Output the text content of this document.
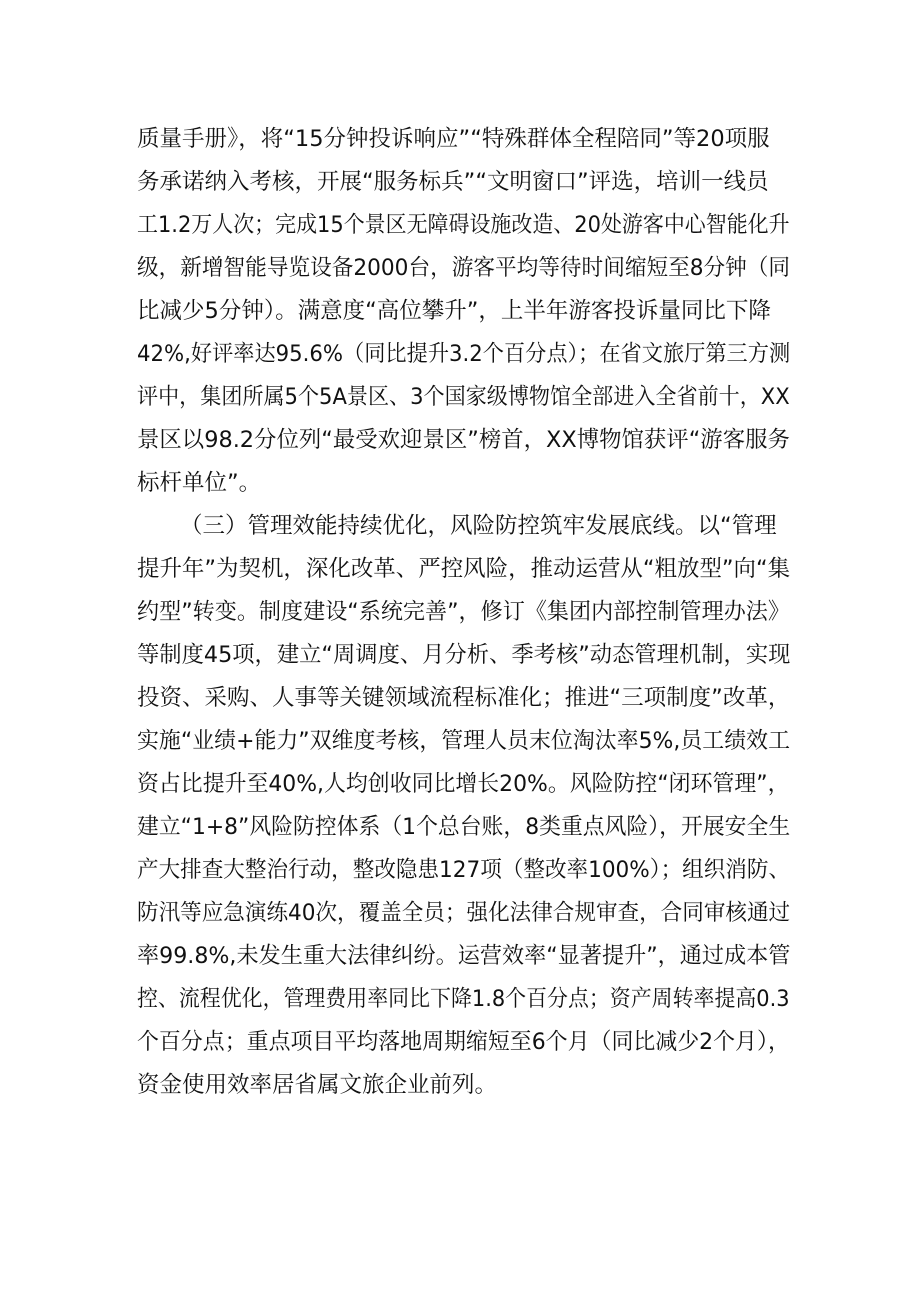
质量手册》，将“15分钟投诉响应”“特殊群体全程陪同”等20项服
务承诺纳入考核，开展“服务标兵”“文明窗口”评选，培训一线员
工1.2万人次；完成15个景区无障碍设施改造、20处游客中心智能化升
级，新增智能导览设备2000台，游客平均等待时间缩短至8分钟（同
比减少5分钟）。满意度“高位攀升”，上半年游客投诉量同比下降
42%,好评率达95.6%（同比提升3.2个百分点）；在省文旅厅第三方测
评中，集团所属5个5A景区、3个国家级博物馆全部进入全省前十，XX
景区以98.2分位列“最受欢迎景区”榜首，XX博物馆获评“游客服务
标杆单位”。
（三）管理效能持续优化，风险防控筑牢发展底线。以“管理
提升年”为契机，深化改革、严控风险，推动运营从“粗放型”向“集
约型”转变。制度建设“系统完善”，修订《集团内部控制管理办法》
等制度45项，建立“周调度、月分析、季考核”动态管理机制，实现
投资、采购、人事等关键领域流程标准化；推进“三项制度”改革，
实施“业绩+能力”双维度考核，管理人员末位淘汰率5%,员工绩效工
资占比提升至40%,人均创收同比增长20%。风险防控“闭环管理”，
建立“1+8”风险防控体系（1个总台账，8类重点风险），开展安全生
产大排查大整治行动，整改隐患127项（整改率100%）；组织消防、
防汛等应急演练40次，覆盖全员；强化法律合规审查，合同审核通过
率99.8%,未发生重大法律纠纷。运营效率“显著提升”，通过成本管
控、流程优化，管理费用率同比下降1.8个百分点；资产周转率提高0.3
个百分点；重点项目平均落地周期缩短至6个月（同比减少2个月），
资金使用效率居省属文旅企业前列。
